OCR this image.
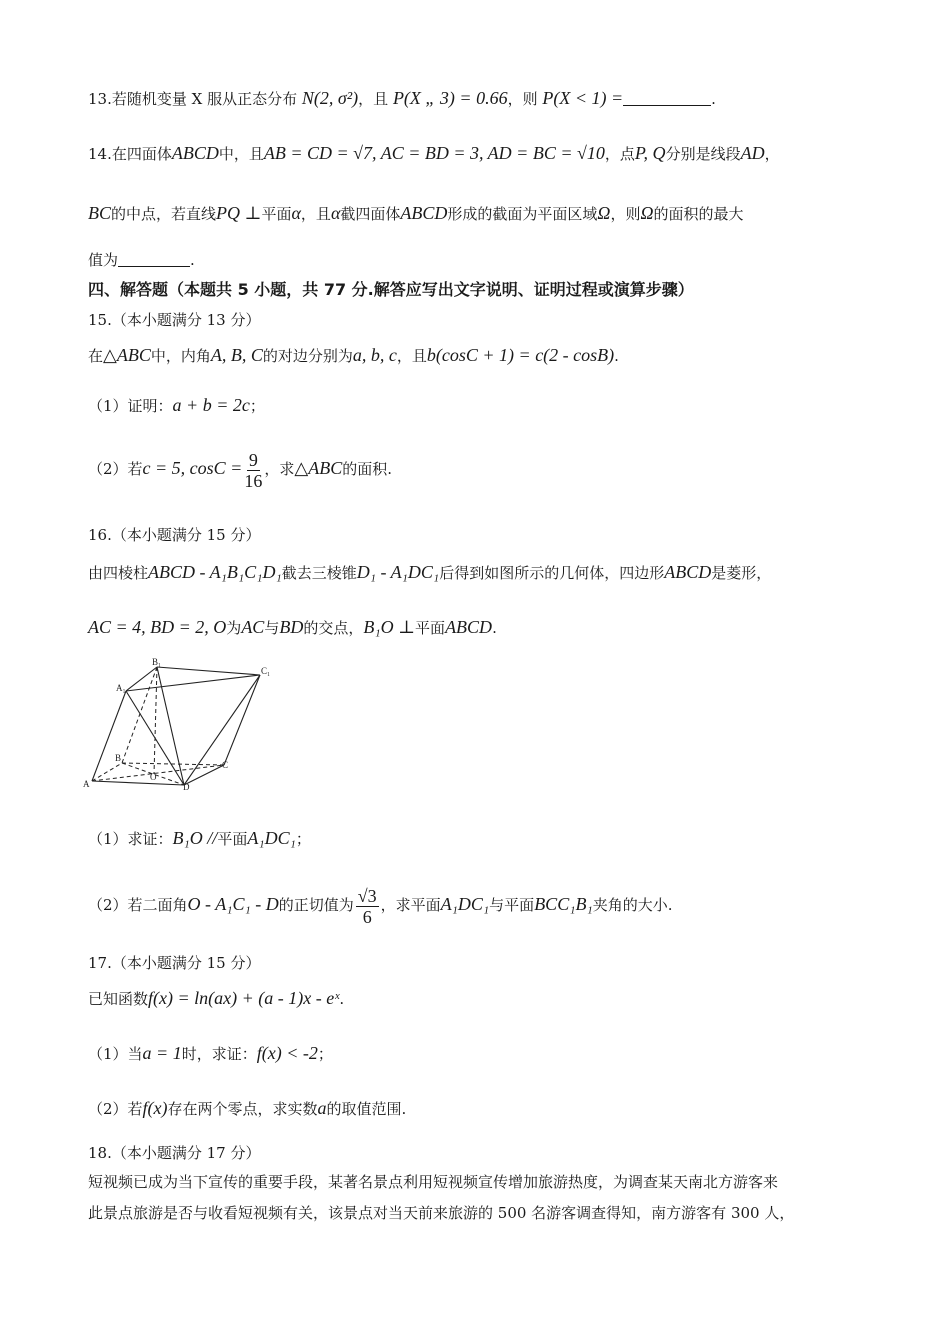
13.若随机变量 X 服从正态分布 N(2, σ²)，且 P(X „ 3) = 0.66，则 P(X < 1) =	.
14.在四面体ABCD中，且AB = CD = √7, AC = BD = 3, AD = BC = √10，点P, Q分别是线段AD，
BC的中点，若直线PQ ⊥平面α，且α截四面体ABCD形成的截面为平面区域Ω，则Ω的面积的最大
值为	.
四、解答题（本题共 5 小题，共 77 分.解答应写出文字说明、证明过程或演算步骤）
15.（本小题满分 13 分）
在△ABC中，内角A, B, C的对边分别为a, b, c，且b(cosC + 1) = c(2 - cosB).
（1）证明：a + b = 2c；
（2）若c = 5, $\cos C = \frac{9}{16}$ ，求△ABC的面积.
16.（本小题满分 15 分）
由四棱柱ABCD - A₁B₁C₁D₁截去三棱锥D₁ - A₁DC₁后得到如图所示的几何体，四边形ABCD是菱形，
AC = 4, BD = 2, O为AC与BD的交点，B₁O ⊥平面ABCD.
A₁
B₁
C₁
A
B
C
D
O
（1）求证：B₁O //平面A₁DC₁；
（2）若二面角O - A₁C₁ - D的正切值为 $\frac{√3}{6}$ ，求平面A₁DC₁与平面BCC₁B₁夹角的大小.
17.（本小题满分 15 分）
已知函数f(x) = ln(ax) + (a - 1)x - eˣ.
（1）当a = 1时，求证：f(x) < -2；
（2）若f(x)存在两个零点，求实数a的取值范围.
18.（本小题满分 17 分）
短视频已成为当下宣传的重要手段，某著名景点利用短视频宣传增加旅游热度，为调查某天南北方游客来
此景点旅游是否与收看短视频有关，该景点对当天前来旅游的 500 名游客调查得知，南方游客有 300 人，
